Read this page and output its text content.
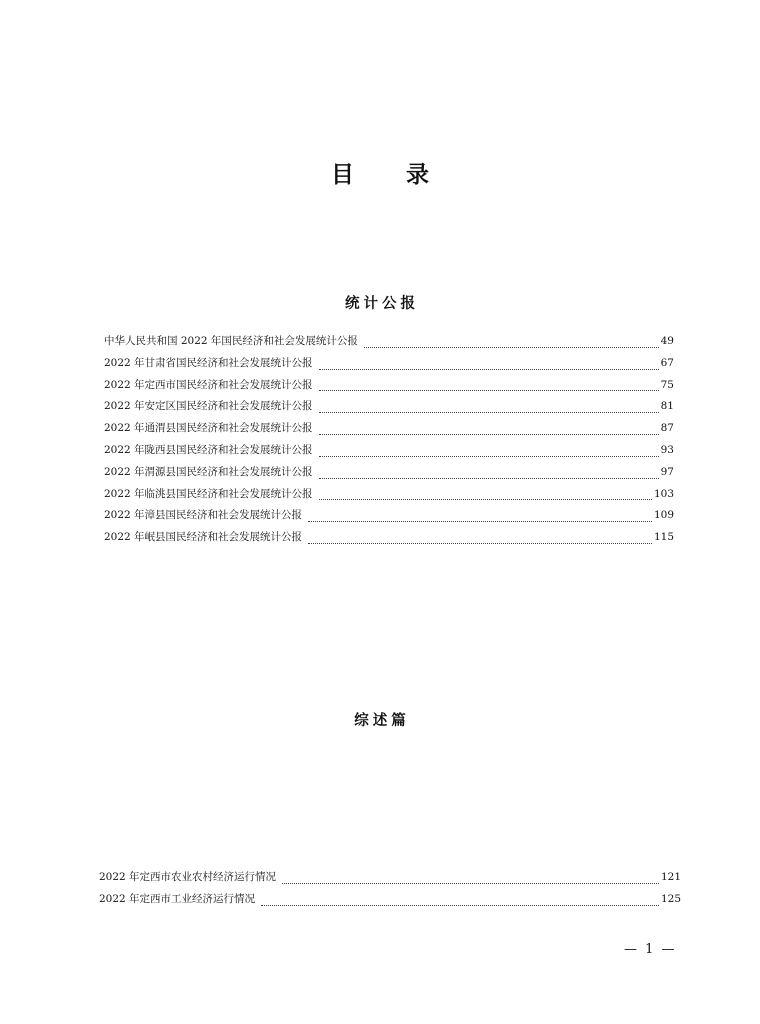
目 录
统计公报
中华人民共和国 2022 年国民经济和社会发展统计公报	49
2022 年甘肃省国民经济和社会发展统计公报	67
2022 年定西市国民经济和社会发展统计公报	75
2022 年安定区国民经济和社会发展统计公报	81
2022 年通渭县国民经济和社会发展统计公报	87
2022 年陇西县国民经济和社会发展统计公报	93
2022 年渭源县国民经济和社会发展统计公报	97
2022 年临洮县国民经济和社会发展统计公报	103
2022 年漳县国民经济和社会发展统计公报	109
2022 年岷县国民经济和社会发展统计公报	115
综述篇
2022 年定西市农业农村经济运行情况	121
2022 年定西市工业经济运行情况	125
— 1 —
